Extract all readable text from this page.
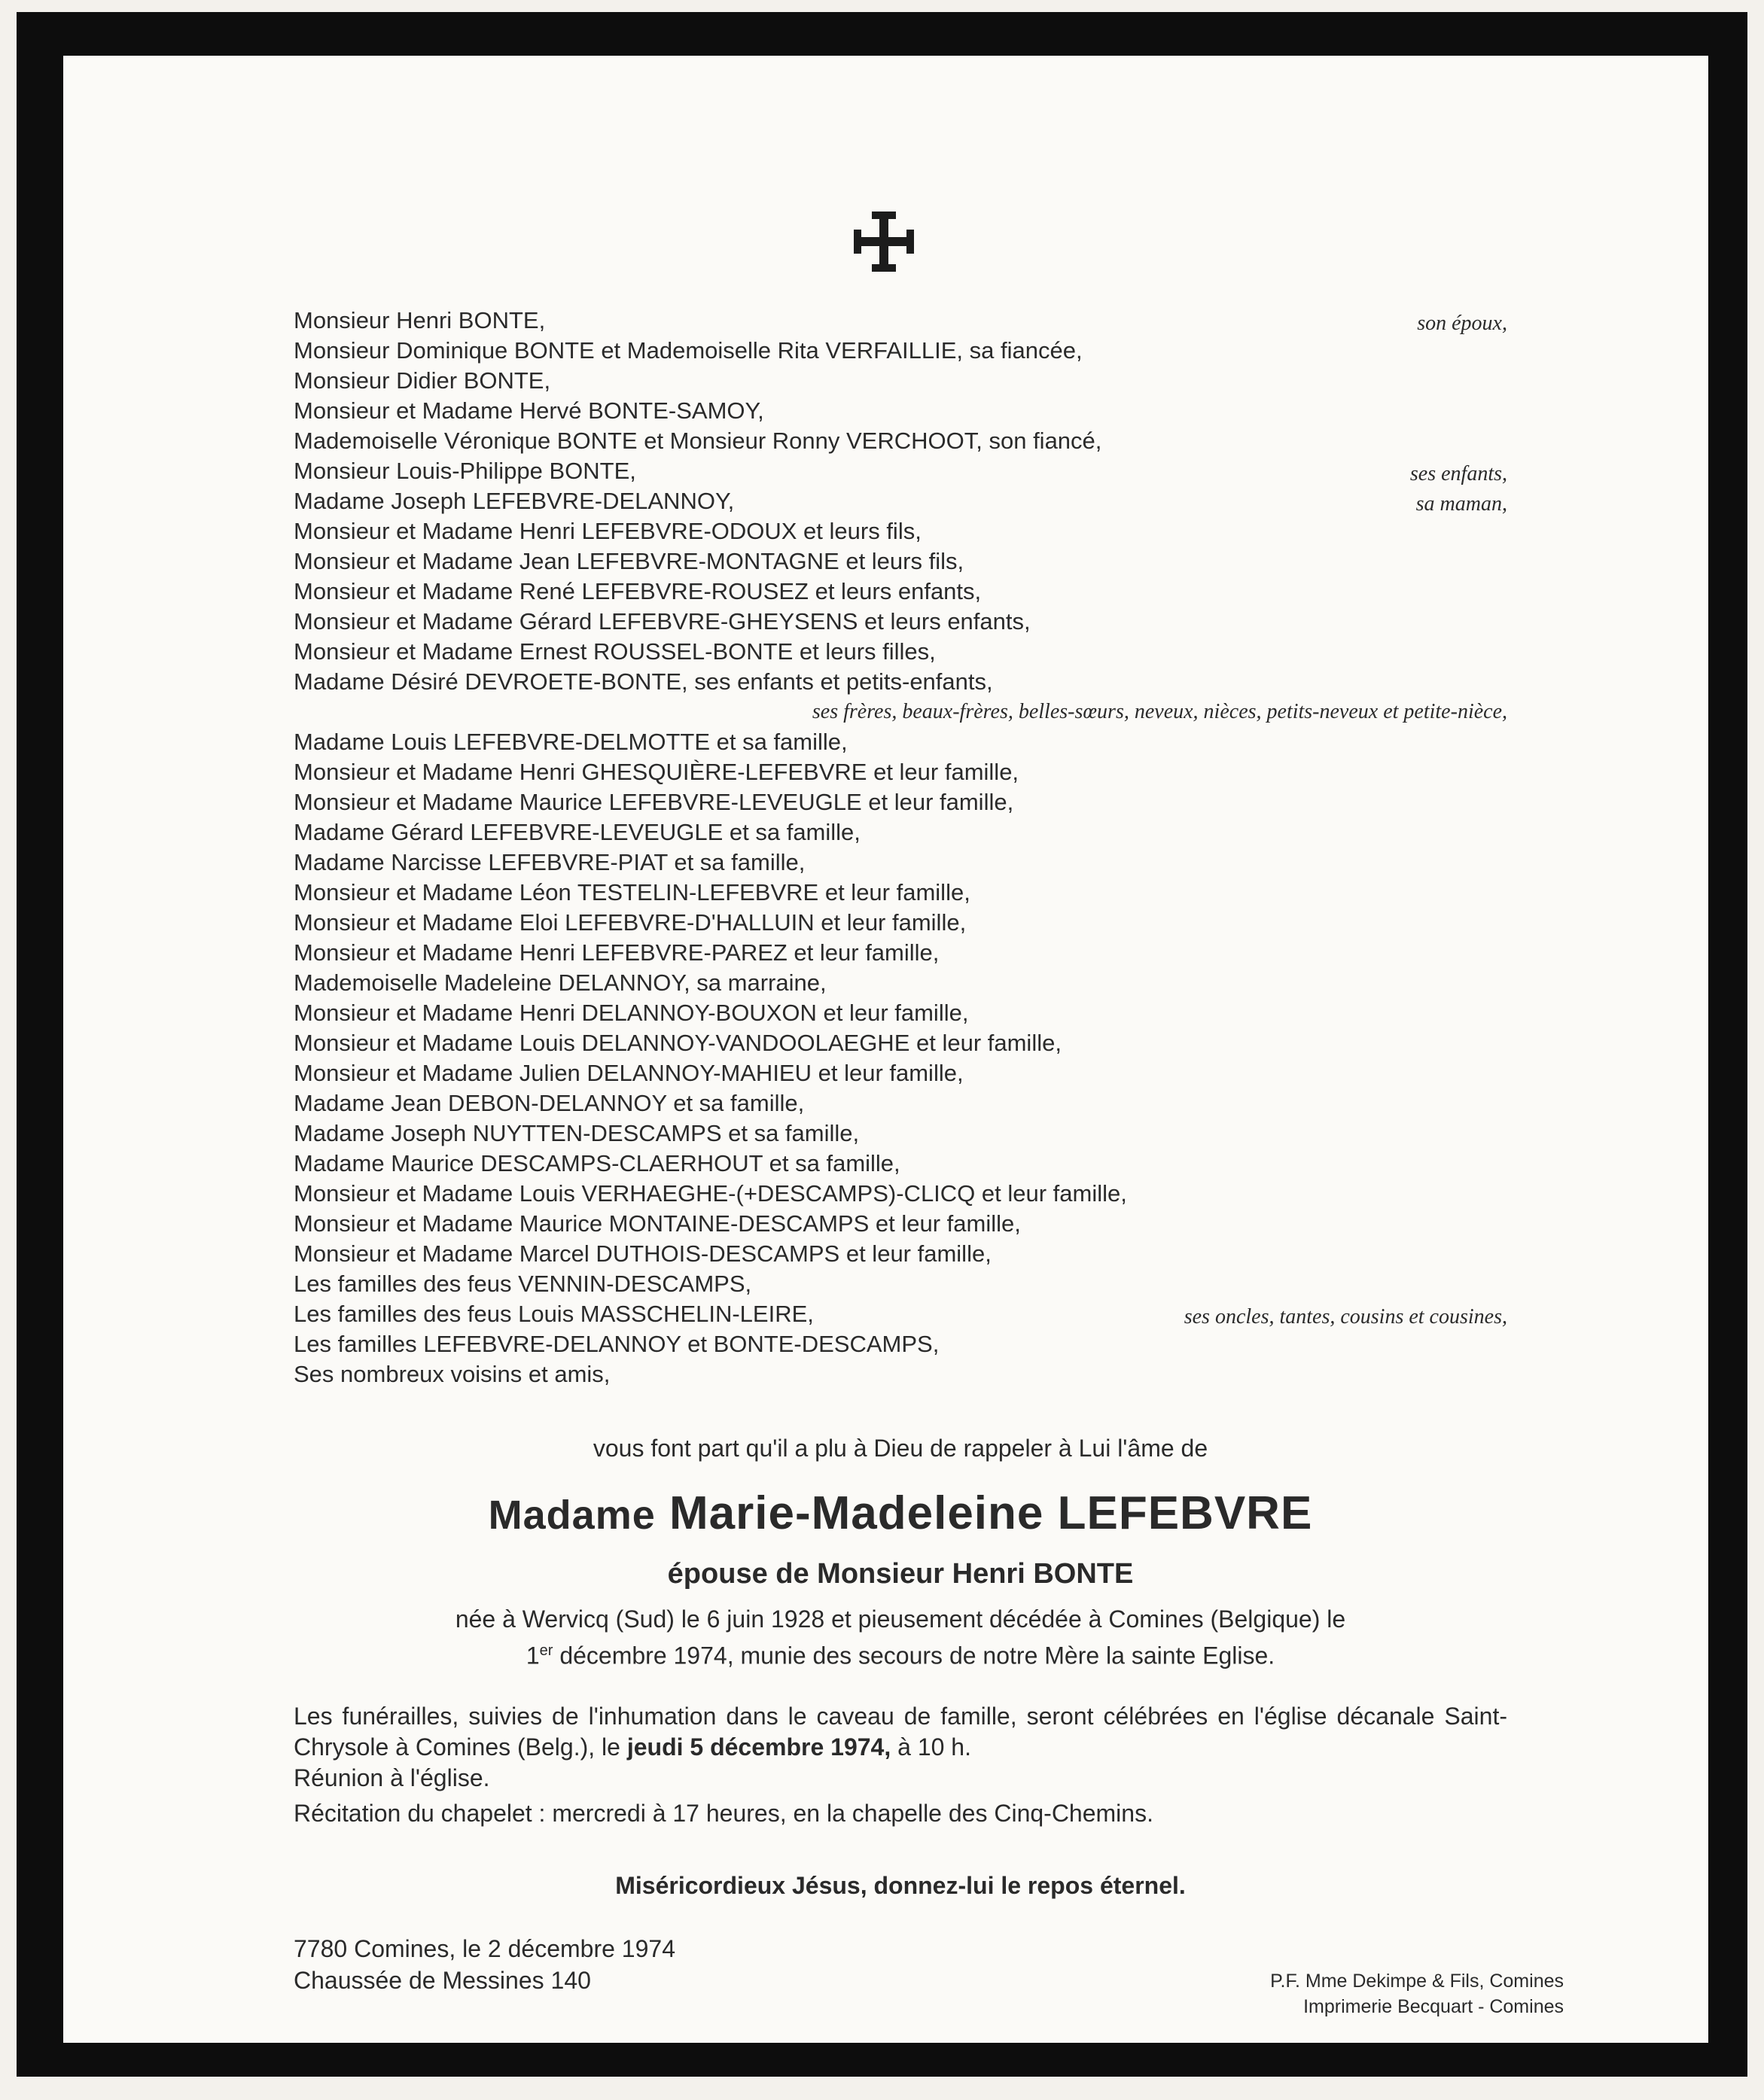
Monsieur Henri BONTE,	son époux,
Monsieur Dominique BONTE et Mademoiselle Rita VERFAILLIE, sa fiancée,
Monsieur Didier BONTE,
Monsieur et Madame Hervé BONTE-SAMOY,
Mademoiselle Véronique BONTE et Monsieur Ronny VERCHOOT, son fiancé,
Monsieur Louis-Philippe BONTE,	ses enfants,
Madame Joseph LEFEBVRE-DELANNOY,	sa maman,
Monsieur et Madame Henri LEFEBVRE-ODOUX et leurs fils,
Monsieur et Madame Jean LEFEBVRE-MONTAGNE et leurs fils,
Monsieur et Madame René LEFEBVRE-ROUSEZ et leurs enfants,
Monsieur et Madame Gérard LEFEBVRE-GHEYSENS et leurs enfants,
Monsieur et Madame Ernest ROUSSEL-BONTE et leurs filles,
Madame Désiré DEVROETE-BONTE, ses enfants et petits-enfants,
ses frères, beaux-frères, belles-sœurs, neveux, nièces, petits-neveux et petite-nièce,
Madame Louis LEFEBVRE-DELMOTTE et sa famille,
Monsieur et Madame Henri GHESQUIÈRE-LEFEBVRE et leur famille,
Monsieur et Madame Maurice LEFEBVRE-LEVEUGLE et leur famille,
Madame Gérard LEFEBVRE-LEVEUGLE et sa famille,
Madame Narcisse LEFEBVRE-PIAT et sa famille,
Monsieur et Madame Léon TESTELIN-LEFEBVRE et leur famille,
Monsieur et Madame Eloi LEFEBVRE-D'HALLUIN et leur famille,
Monsieur et Madame Henri LEFEBVRE-PAREZ et leur famille,
Mademoiselle Madeleine DELANNOY, sa marraine,
Monsieur et Madame Henri DELANNOY-BOUXON et leur famille,
Monsieur et Madame Louis DELANNOY-VANDOOLAEGHE et leur famille,
Monsieur et Madame Julien DELANNOY-MAHIEU et leur famille,
Madame Jean DEBON-DELANNOY et sa famille,
Madame Joseph NUYTTEN-DESCAMPS et sa famille,
Madame Maurice DESCAMPS-CLAERHOUT et sa famille,
Monsieur et Madame Louis VERHAEGHE-(+DESCAMPS)-CLICQ et leur famille,
Monsieur et Madame Maurice MONTAINE-DESCAMPS et leur famille,
Monsieur et Madame Marcel DUTHOIS-DESCAMPS et leur famille,
Les familles des feus VENNIN-DESCAMPS,
Les familles des feus Louis MASSCHELIN-LEIRE,	ses oncles, tantes, cousins et cousines,
Les familles LEFEBVRE-DELANNOY et BONTE-DESCAMPS,
Ses nombreux voisins et amis,
vous font part qu'il a plu à Dieu de rappeler à Lui l'âme de
Madame Marie-Madeleine LEFEBVRE
épouse de Monsieur Henri BONTE
née à Wervicq (Sud) le 6 juin 1928 et pieusement décédée à Comines (Belgique) le
1er décembre 1974, munie des secours de notre Mère la sainte Eglise.
Les funérailles, suivies de l'inhumation dans le caveau de famille, seront célébrées en l'église décanale Saint-Chrysole à Comines (Belg.), le jeudi 5 décembre 1974, à 10 h.
Réunion à l'église.
Récitation du chapelet : mercredi à 17 heures, en la chapelle des Cinq-Chemins.
Miséricordieux Jésus, donnez-lui le repos éternel.
7780 Comines, le 2 décembre 1974
Chaussée de Messines 140	P.F. Mme Dekimpe & Fils, Comines
Imprimerie Becquart - Comines
